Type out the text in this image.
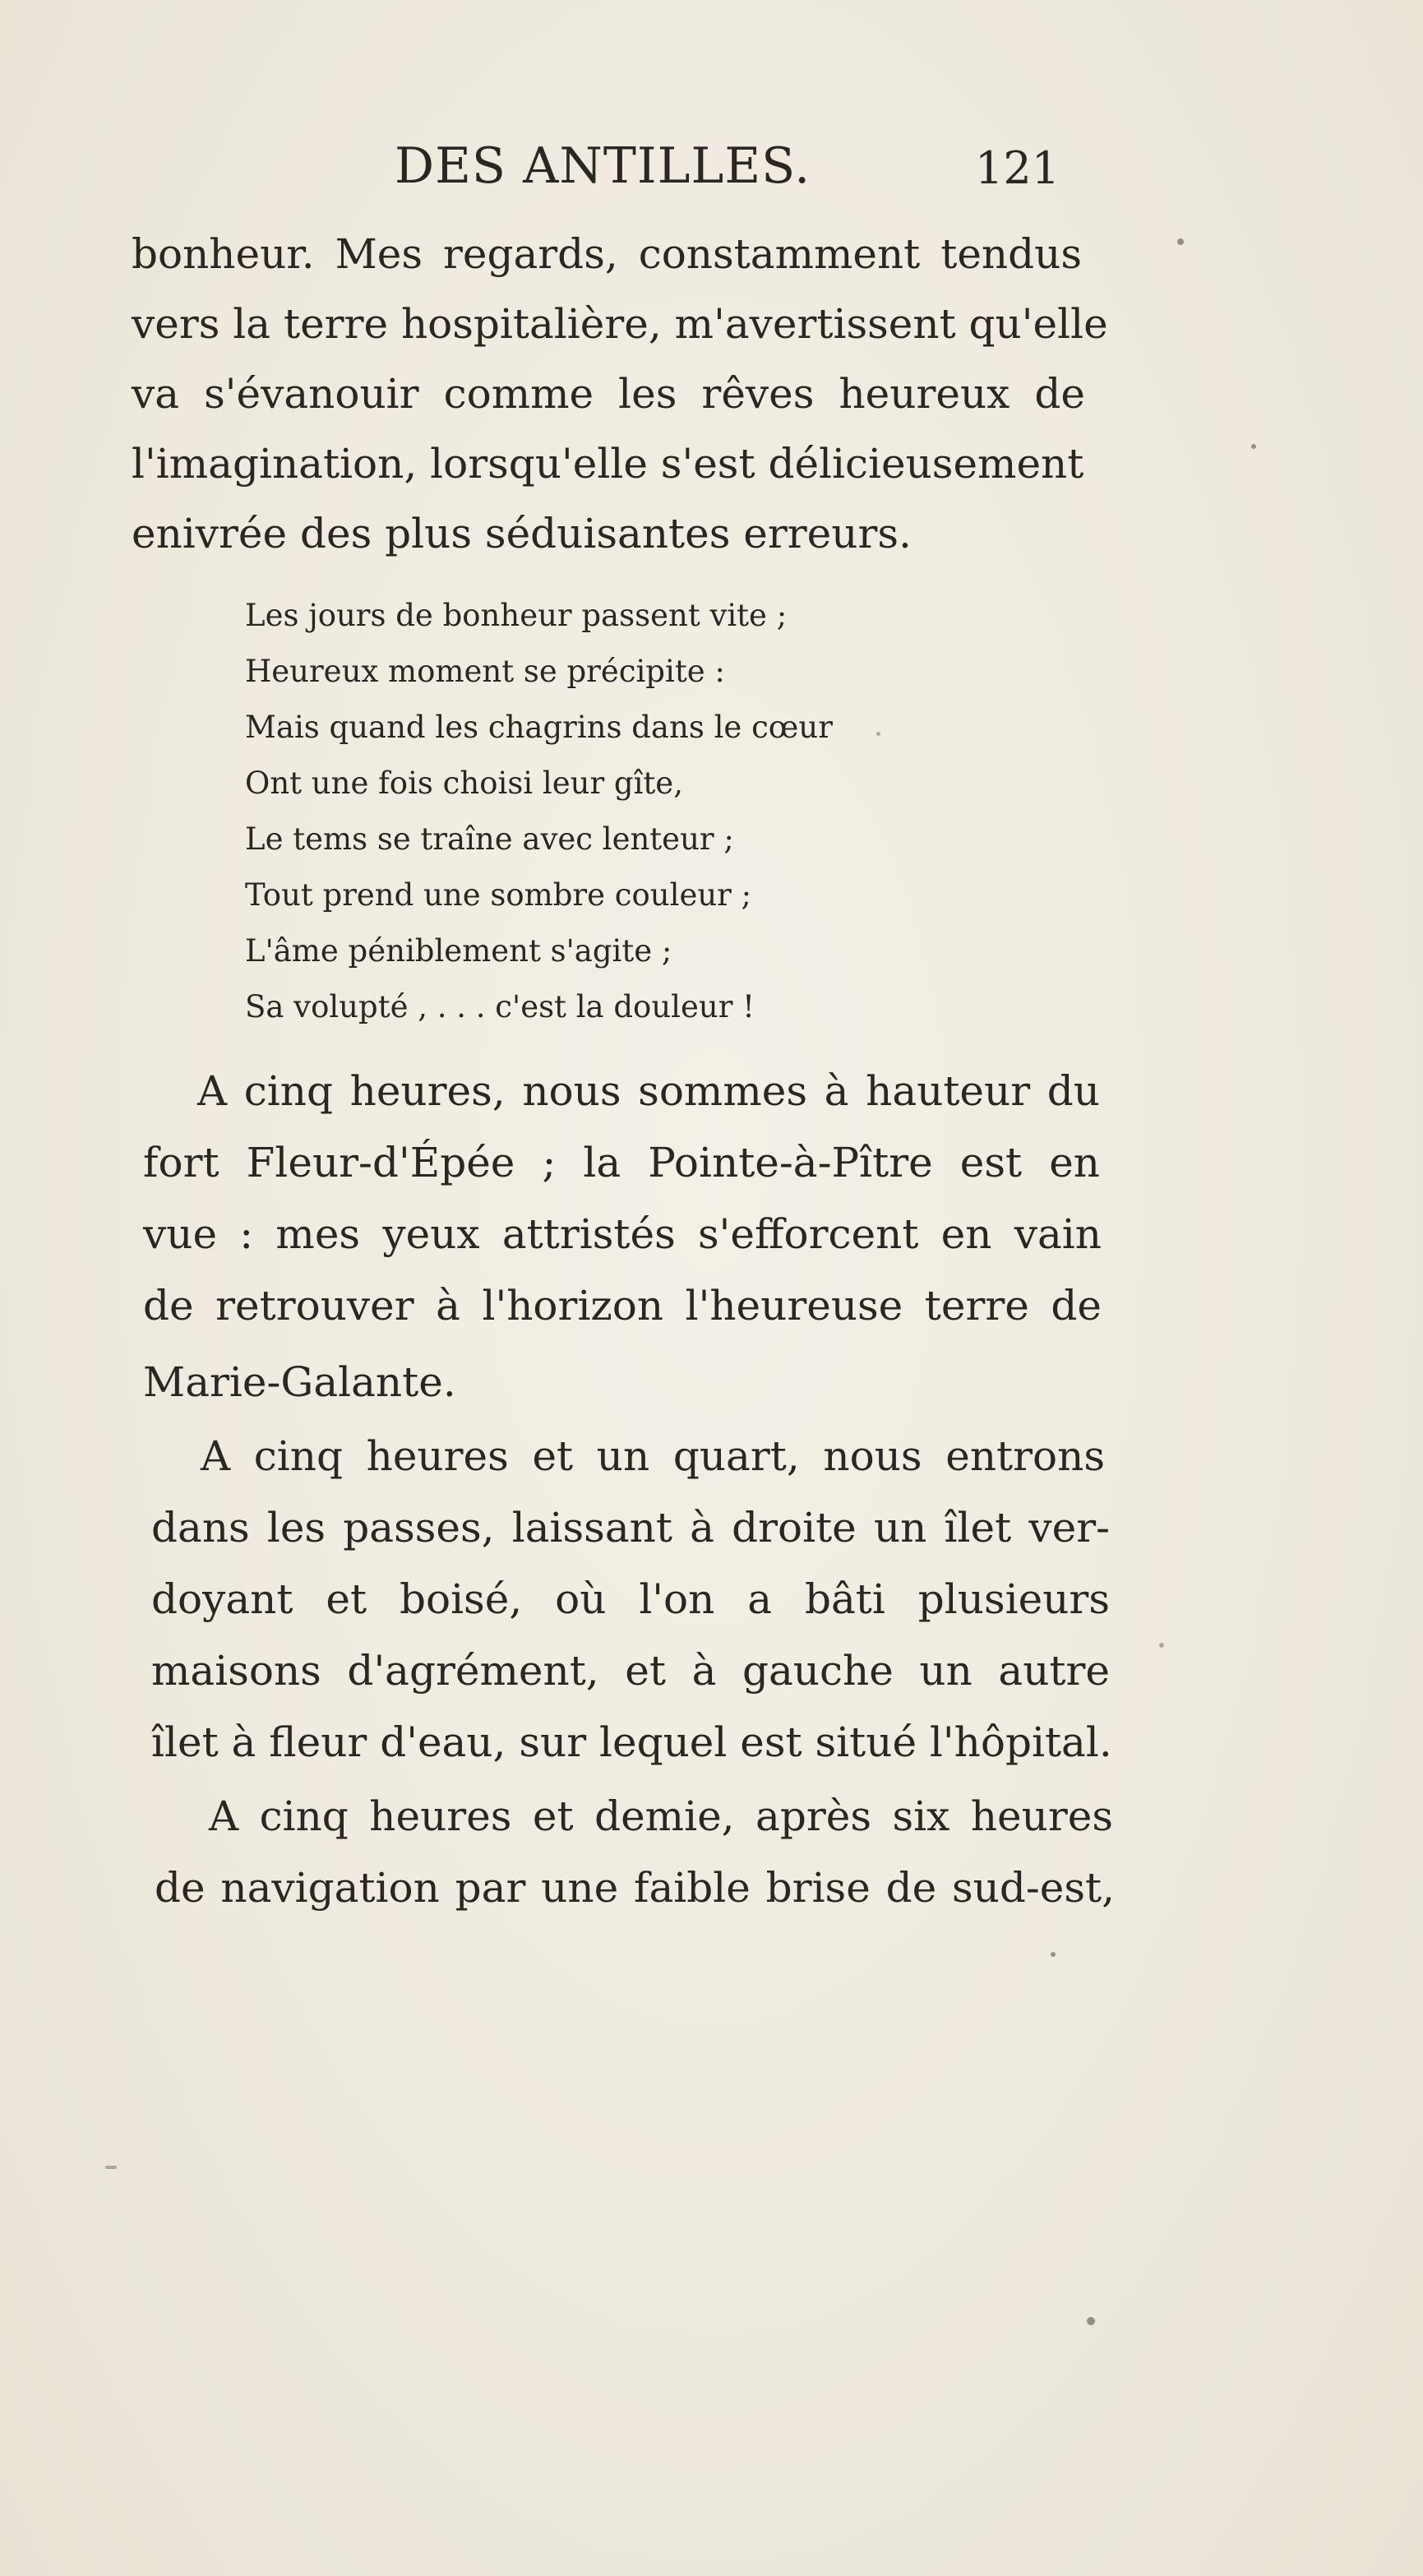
DES ANTILLES.	121
bonheur. Mes regards, constamment tendus
vers la terre hospitalière, m'avertissent qu'elle
va s'évanouir comme les rêves heureux de
l'imagination, lorsqu'elle s'est délicieusement
enivrée des plus séduisantes erreurs.
Les jours de bonheur passent vite ;
Heureux moment se précipite :
Mais quand les chagrins dans le cœur
Ont une fois choisi leur gîte,
Le tems se traîne avec lenteur ;
Tout prend une sombre couleur ;
L'âme péniblement s'agite ;
Sa volupté , . . . c'est la douleur !
A cinq heures, nous sommes à hauteur du
fort Fleur-d'Épée ; la Pointe-à-Pître est en
vue : mes yeux attristés s'efforcent en vain
de retrouver à l'horizon l'heureuse terre de
Marie-Galante.
A cinq heures et un quart, nous entrons
dans les passes, laissant à droite un îlet ver-
doyant et boisé, où l'on a bâti plusieurs
maisons d'agrément, et à gauche un autre
îlet à fleur d'eau, sur lequel est situé l'hôpital.
A cinq heures et demie, après six heures
de navigation par une faible brise de sud-est,
